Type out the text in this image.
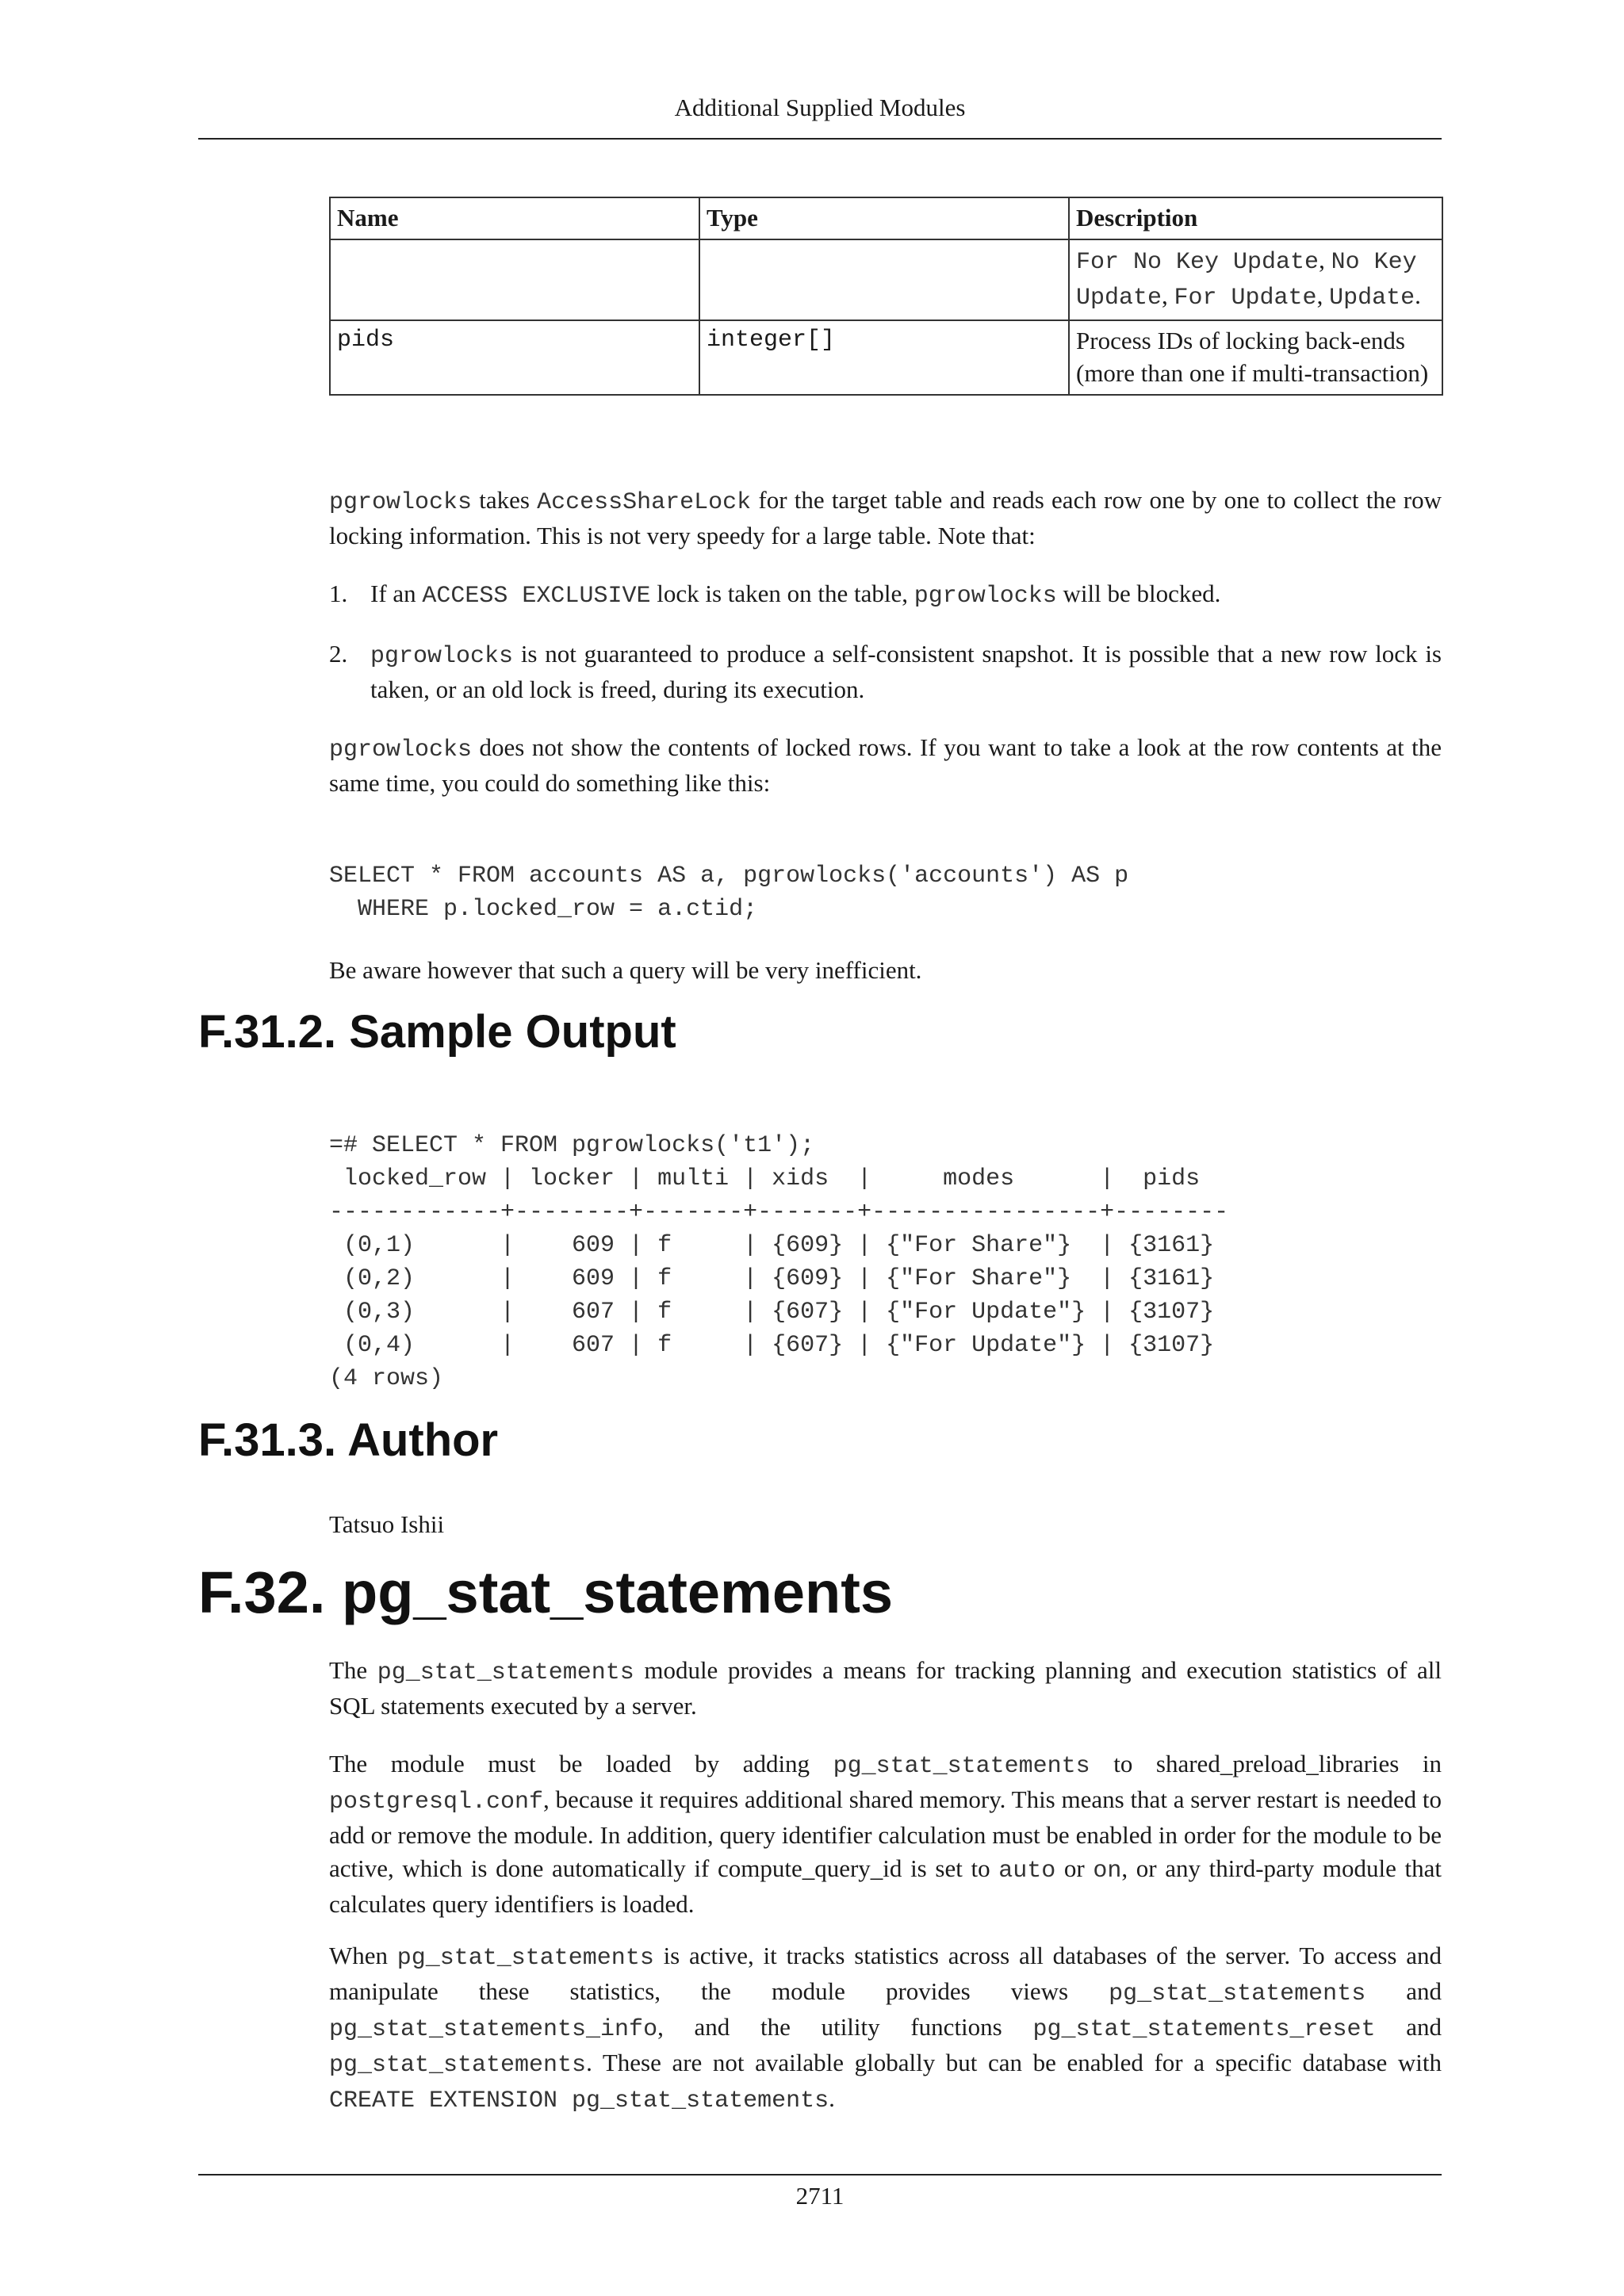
Additional Supplied Modules
Name	Type	Description
		For No Key Update, No Key Update, For Update, Update.
pids	integer[]	Process IDs of locking back-ends (more than one if multi-transaction)

pgrowlocks takes AccessShareLock for the target table and reads each row one by one to collect the row locking information. This is not very speedy for a large table. Note that:

1. If an ACCESS EXCLUSIVE lock is taken on the table, pgrowlocks will be blocked.
2. pgrowlocks is not guaranteed to produce a self-consistent snapshot. It is possible that a new row lock is taken, or an old lock is freed, during its execution.

pgrowlocks does not show the contents of locked rows. If you want to take a look at the row contents at the same time, you could do something like this:

SELECT * FROM accounts AS a, pgrowlocks('accounts') AS p
WHERE p.locked_row = a.ctid;

Be aware however that such a query will be very inefficient.

F.31.2. Sample Output
=# SELECT * FROM pgrowlocks('t1');
locked_row | locker | multi | xids  |     modes      |  pids
------------+--------+-------+-------+----------------+--------
(0,1)      |    609 | f     | {609} | {"For Share"}  | {3161}
(0,2)      |    609 | f     | {609} | {"For Share"}  | {3161}
(0,3)      |    607 | f     | {607} | {"For Update"} | {3107}
(0,4)      |    607 | f     | {607} | {"For Update"} | {3107}
(4 rows)
F.31.3. Author

Tatsuo Ishii

F.32. pg_stat_statements

The pg_stat_statements module provides a means for tracking planning and execution statistics of all SQL statements executed by a server.

The module must be loaded by adding pg_stat_statements to shared_preload_libraries in postgresql.conf, because it requires additional shared memory. This means that a server restart is needed to add or remove the module. In addition, query identifier calculation must be enabled in order for the module to be active, which is done automatically if compute_query_id is set to auto or on, or any third-party module that calculates query identifiers is loaded.

When pg_stat_statements is active, it tracks statistics across all databases of the server. To access and manipulate these statistics, the module provides views pg_stat_statements and pg_stat_statements_info, and the utility functions pg_stat_statements_reset and pg_stat_statements. These are not available globally but can be enabled for a specific database with CREATE EXTENSION pg_stat_statements.

2711
